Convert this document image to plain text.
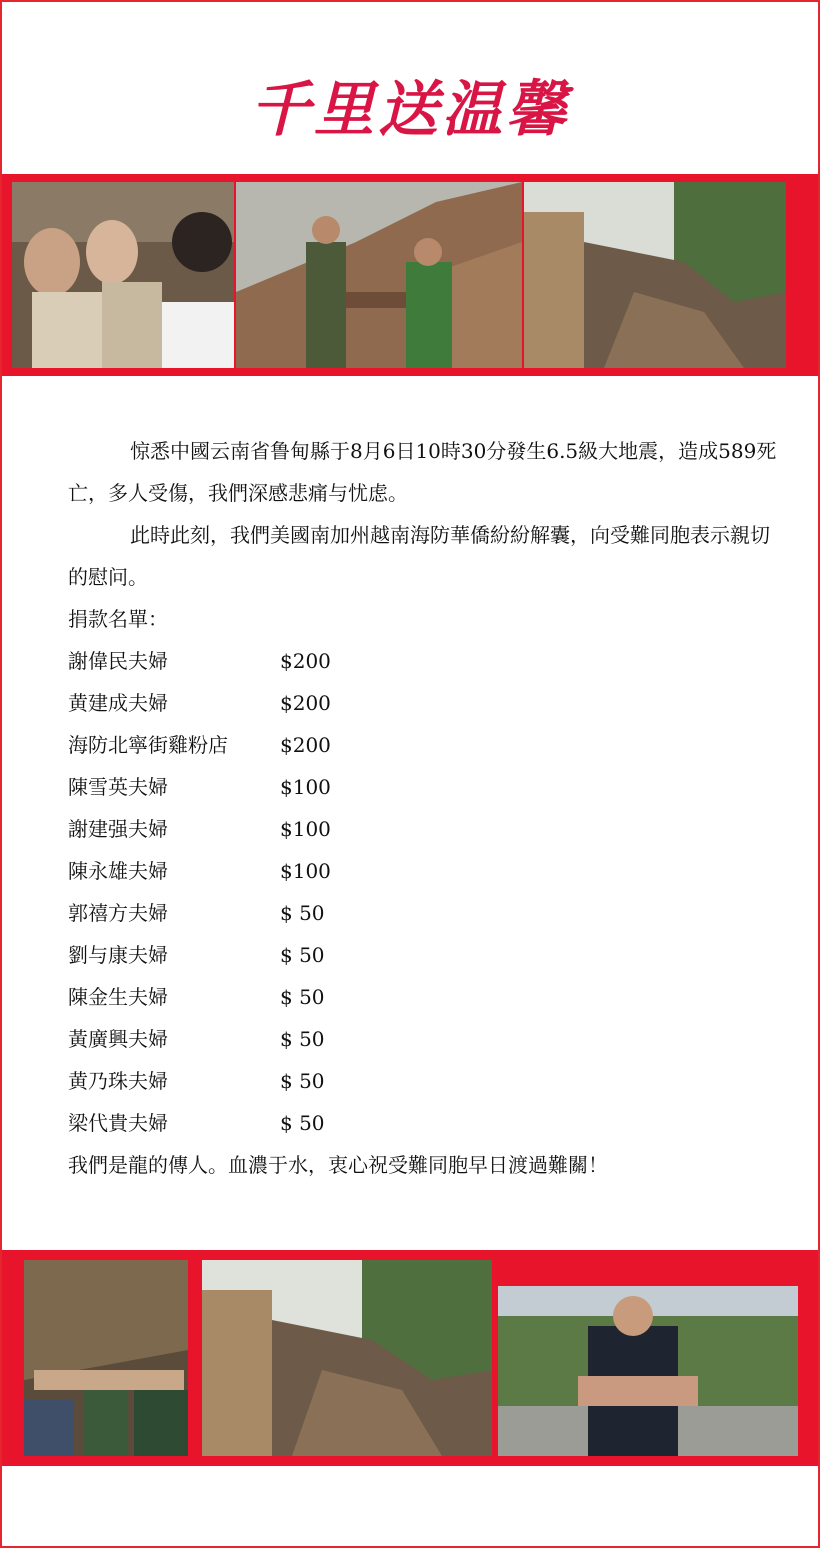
千里送温馨

惊悉中國云南省鲁甸縣于8月6日10時30分發生6.5級大地震，造成589死亡，多人受傷，我們深感悲痛与忧虑。

此時此刻，我們美國南加州越南海防華僑紛紛解囊，向受難同胞表示親切的慰问。

捐款名單：

謝偉民夫婦	$200
黄建成夫婦	$200
海防北寧街雞粉店	$200
陳雪英夫婦	$100
謝建强夫婦	$100
陳永雄夫婦	$100
郭禧方夫婦	$ 50
劉与康夫婦	$ 50
陳金生夫婦	$ 50
黃廣興夫婦	$ 50
黄乃珠夫婦	$ 50
梁代貴夫婦	$ 50

我們是龍的傳人。血濃于水，衷心祝受難同胞早日渡過難關！
